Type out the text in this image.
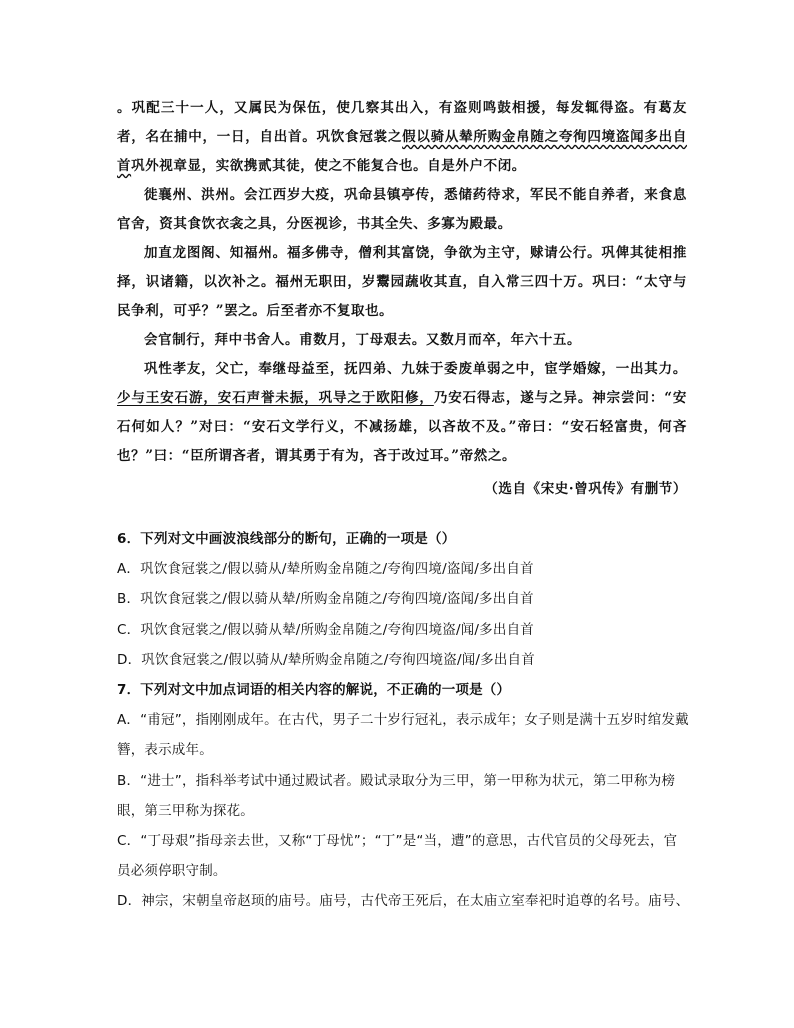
。巩配三十一人，又属民为保伍，使几察其出入，有盗则鸣鼓相援，每发辄得盗。有葛友者，名在捕中，一日，自出首。巩饮食冠裳之假以骑从辇所购金帛随之夸徇四境盗闻多出自首巩外视章显，实欲携贰其徒，使之不能复合也。自是外户不闭。

徙襄州、洪州。会江西岁大疫，巩命县镇亭传，悉储药待求，军民不能自养者，来食息官舍，资其食饮衣衾之具，分医视诊，书其全失、多寡为殿最。

加直龙图阁、知福州。福多佛寺，僧利其富饶，争欲为主守，赇请公行。巩俾其徒相推择，识诸籍，以次补之。福州无职田，岁鬻园蔬收其直，自入常三四十万。巩曰：“太守与民争利，可乎？”罢之。后至者亦不复取也。

会官制行，拜中书舍人。甫数月，丁母艰去。又数月而卒，年六十五。

巩性孝友，父亡，奉继母益至，抚四弟、九妹于委废单弱之中，宦学婚嫁，一出其力。少与王安石游，安石声誉未振，巩导之于欧阳修，乃安石得志，遂与之异。神宗尝问：“安石何如人？”对曰：“安石文学行义，不减扬雄，以吝故不及。”帝曰：“安石轻富贵，何吝也？”曰：“臣所谓吝者，谓其勇于有为，吝于改过耳。”帝然之。

（选自《宋史·曾巩传》有删节）

6．下列对文中画波浪线部分的断句，正确的一项是（）

A．巩饮食冠裳之/假以骑从/辇所购金帛随之/夸徇四境/盗闻/多出自首

B．巩饮食冠裳之/假以骑从辇/所购金帛随之/夸徇四境/盗闻/多出自首

C．巩饮食冠裳之/假以骑从辇/所购金帛随之/夸徇四境盗/闻/多出自首

D．巩饮食冠裳之/假以骑从/辇所购金帛随之/夸徇四境盗/闻/多出自首

7．下列对文中加点词语的相关内容的解说，不正确的一项是（）

A．“甫冠”，指刚刚成年。在古代，男子二十岁行冠礼，表示成年；女子则是满十五岁时绾发戴簪，表示成年。

B．“进士”，指科举考试中通过殿试者。殿试录取分为三甲，第一甲称为状元，第二甲称为榜眼，第三甲称为探花。

C．“丁母艰”指母亲去世，又称“丁母忧”；“丁”是“当，遭”的意思，古代官员的父母死去，官员必须停职守制。

D．神宗，宋朝皇帝赵顼的庙号。庙号，古代帝王死后，在太庙立室奉祀时追尊的名号。庙号、
